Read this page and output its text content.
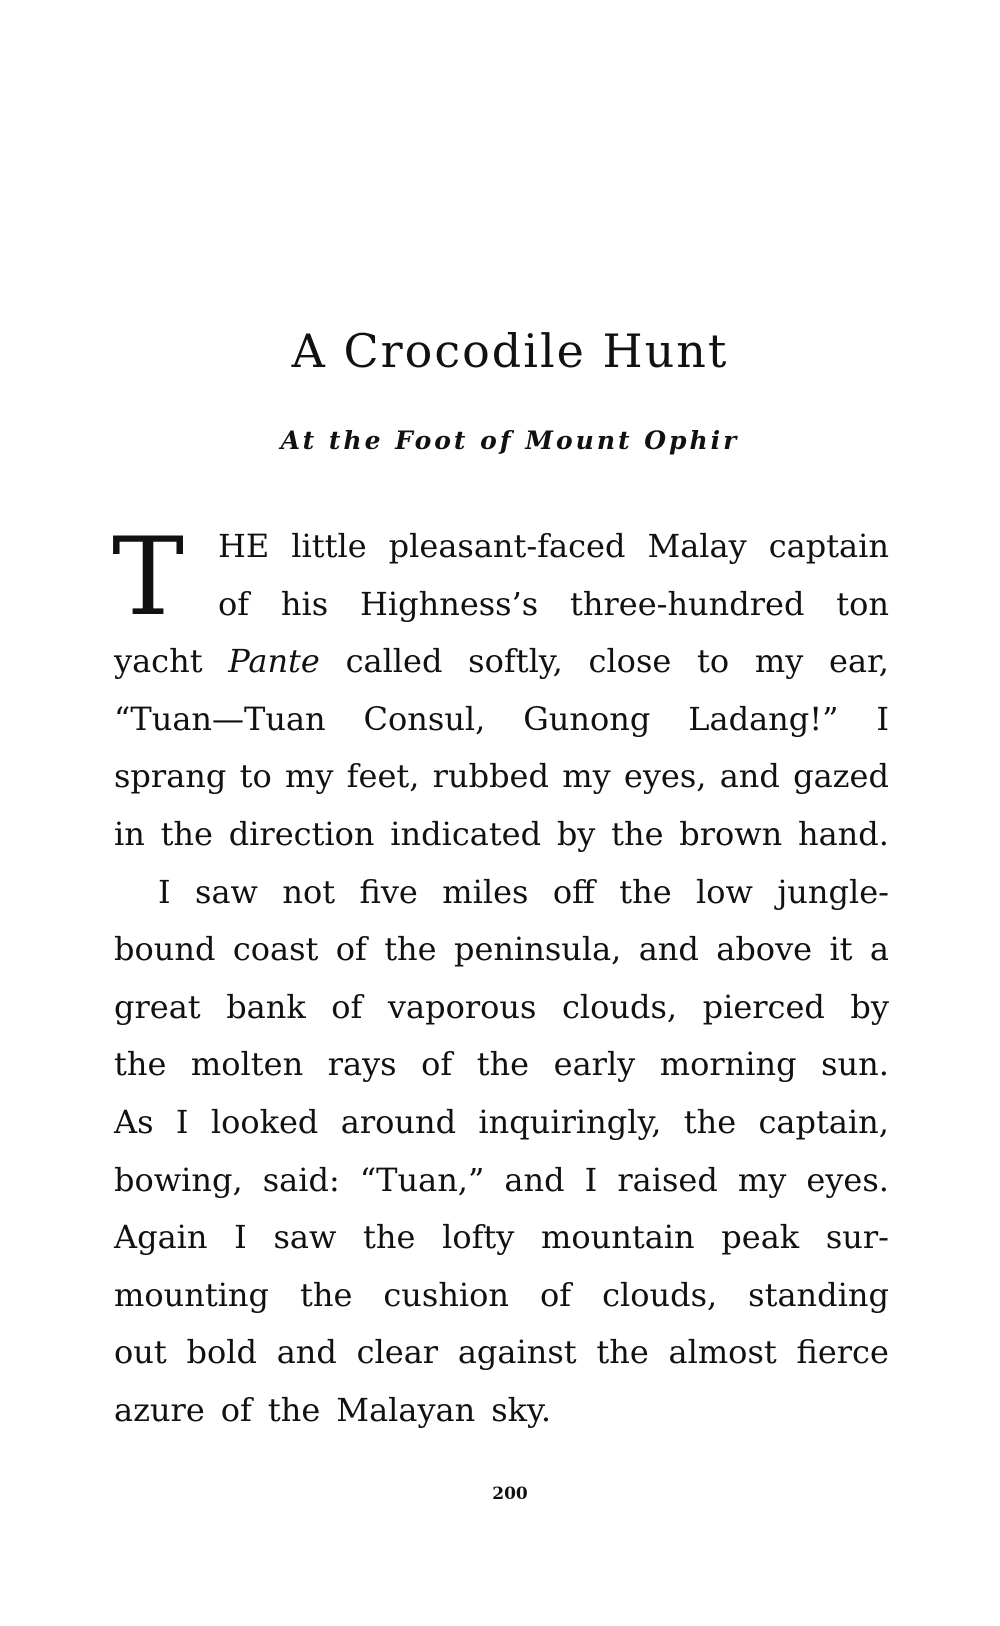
A Crocodile Hunt
At the Foot of Mount Ophir
T HE little pleasant-faced Malay captain
of his Highness’s three-hundred ton
yacht Pante called softly, close to my ear,
“Tuan—Tuan Consul, Gunong Ladang!” I
sprang to my feet, rubbed my eyes, and gazed
in the direction indicated by the brown hand.
I saw not five miles off the low jungle-
bound coast of the peninsula, and above it a
great bank of vaporous clouds, pierced by
the molten rays of the early morning sun.
As I looked around inquiringly, the captain,
bowing, said: “Tuan,” and I raised my eyes.
Again I saw the lofty mountain peak sur-
mounting the cushion of clouds, standing
out bold and clear against the almost fierce
azure of the Malayan sky.
200
